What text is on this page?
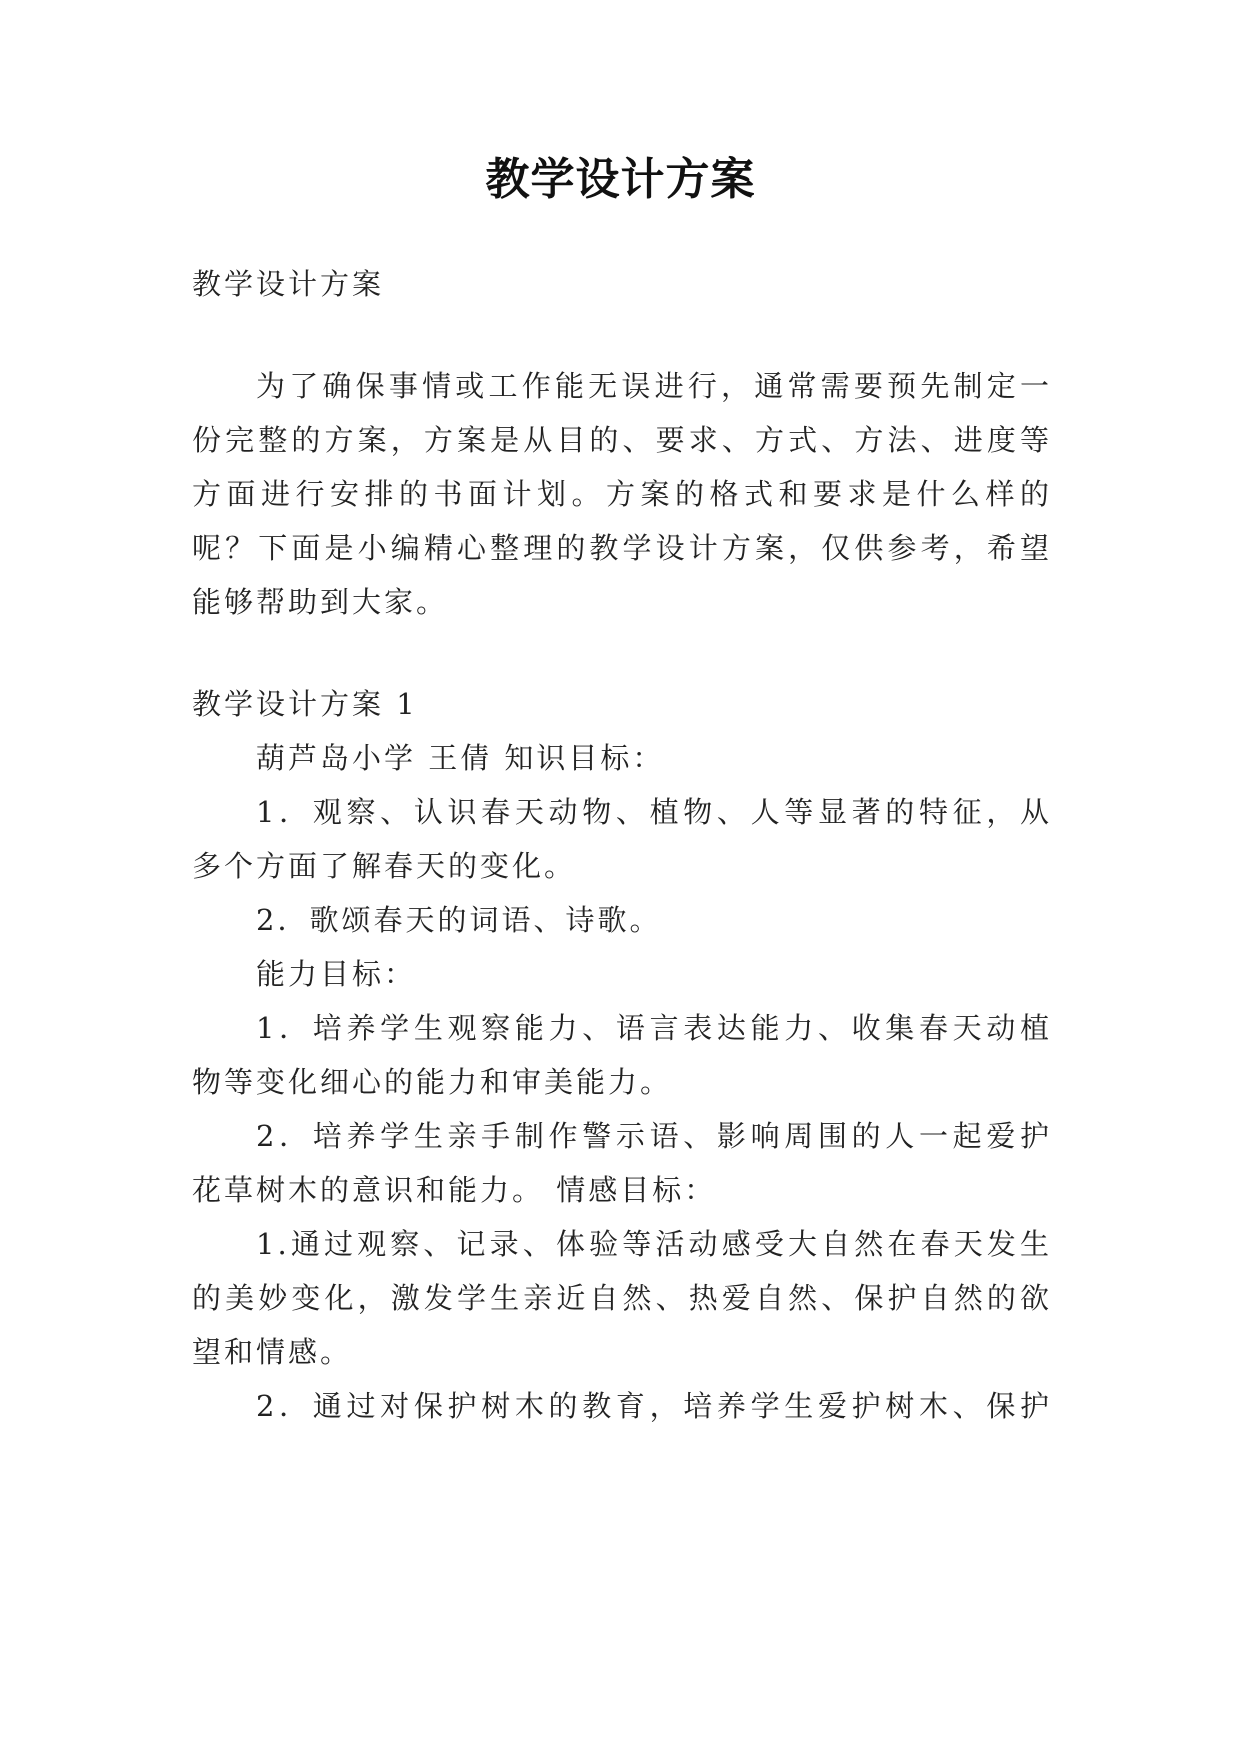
教学设计方案
教学设计方案
为了确保事情或工作能无误进行，通常需要预先制定一
份完整的方案，方案是从目的、要求、方式、方法、进度等
方面进行安排的书面计划。方案的格式和要求是什么样的
呢？下面是小编精心整理的教学设计方案，仅供参考，希望
能够帮助到大家。
教学设计方案 1
葫芦岛小学 王倩 知识目标：
1．观察、认识春天动物、植物、人等显著的特征，从
多个方面了解春天的变化。
2．歌颂春天的词语、诗歌。
能力目标：
1．培养学生观察能力、语言表达能力、收集春天动植
物等变化细心的能力和审美能力。
2．培养学生亲手制作警示语、影响周围的人一起爱护
花草树木的意识和能力。 情感目标：
1.通过观察、记录、体验等活动感受大自然在春天发生
的美妙变化，激发学生亲近自然、热爱自然、保护自然的欲
望和情感。
2．通过对保护树木的教育，培养学生爱护树木、保护
